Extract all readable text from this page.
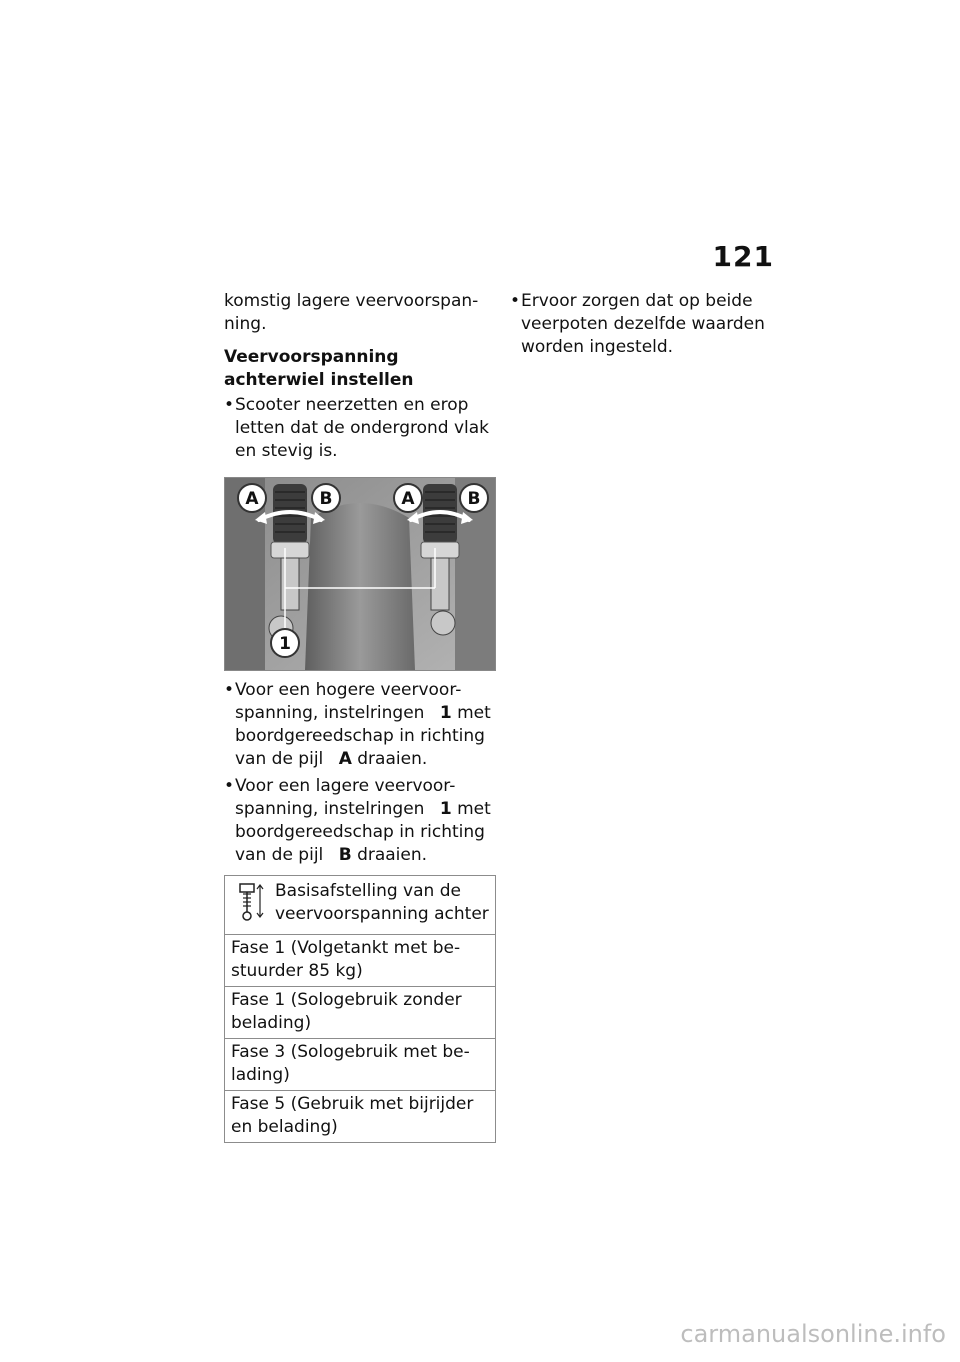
121

komstig lagere veervoorspan- ning.

Veervoorspanning achterwiel instellen

• Scooter neerzetten en erop letten dat de ondergrond vlak en stevig is.
A	B	A	B
1
• Voor een hogere veervoor- spanning, instelringen 1 met boordgereedschap in richting van de pijl A draaien.
• Voor een lagere veervoor- spanning, instelringen 1 met boordgereedschap in richting van de pijl B draaien.
Basisafstelling van de veervoorspanning achter
Fase 1 (Volgetankt met be- stuurder 85 kg)
Fase 1 (Sologebruik zonder belading)
Fase 3 (Sologebruik met be- lading)
Fase 5 (Gebruik met bijrijder en belading)
• Ervoor zorgen dat op beide veerpoten dezelfde waarden worden ingesteld.
carmanualsonline.info
